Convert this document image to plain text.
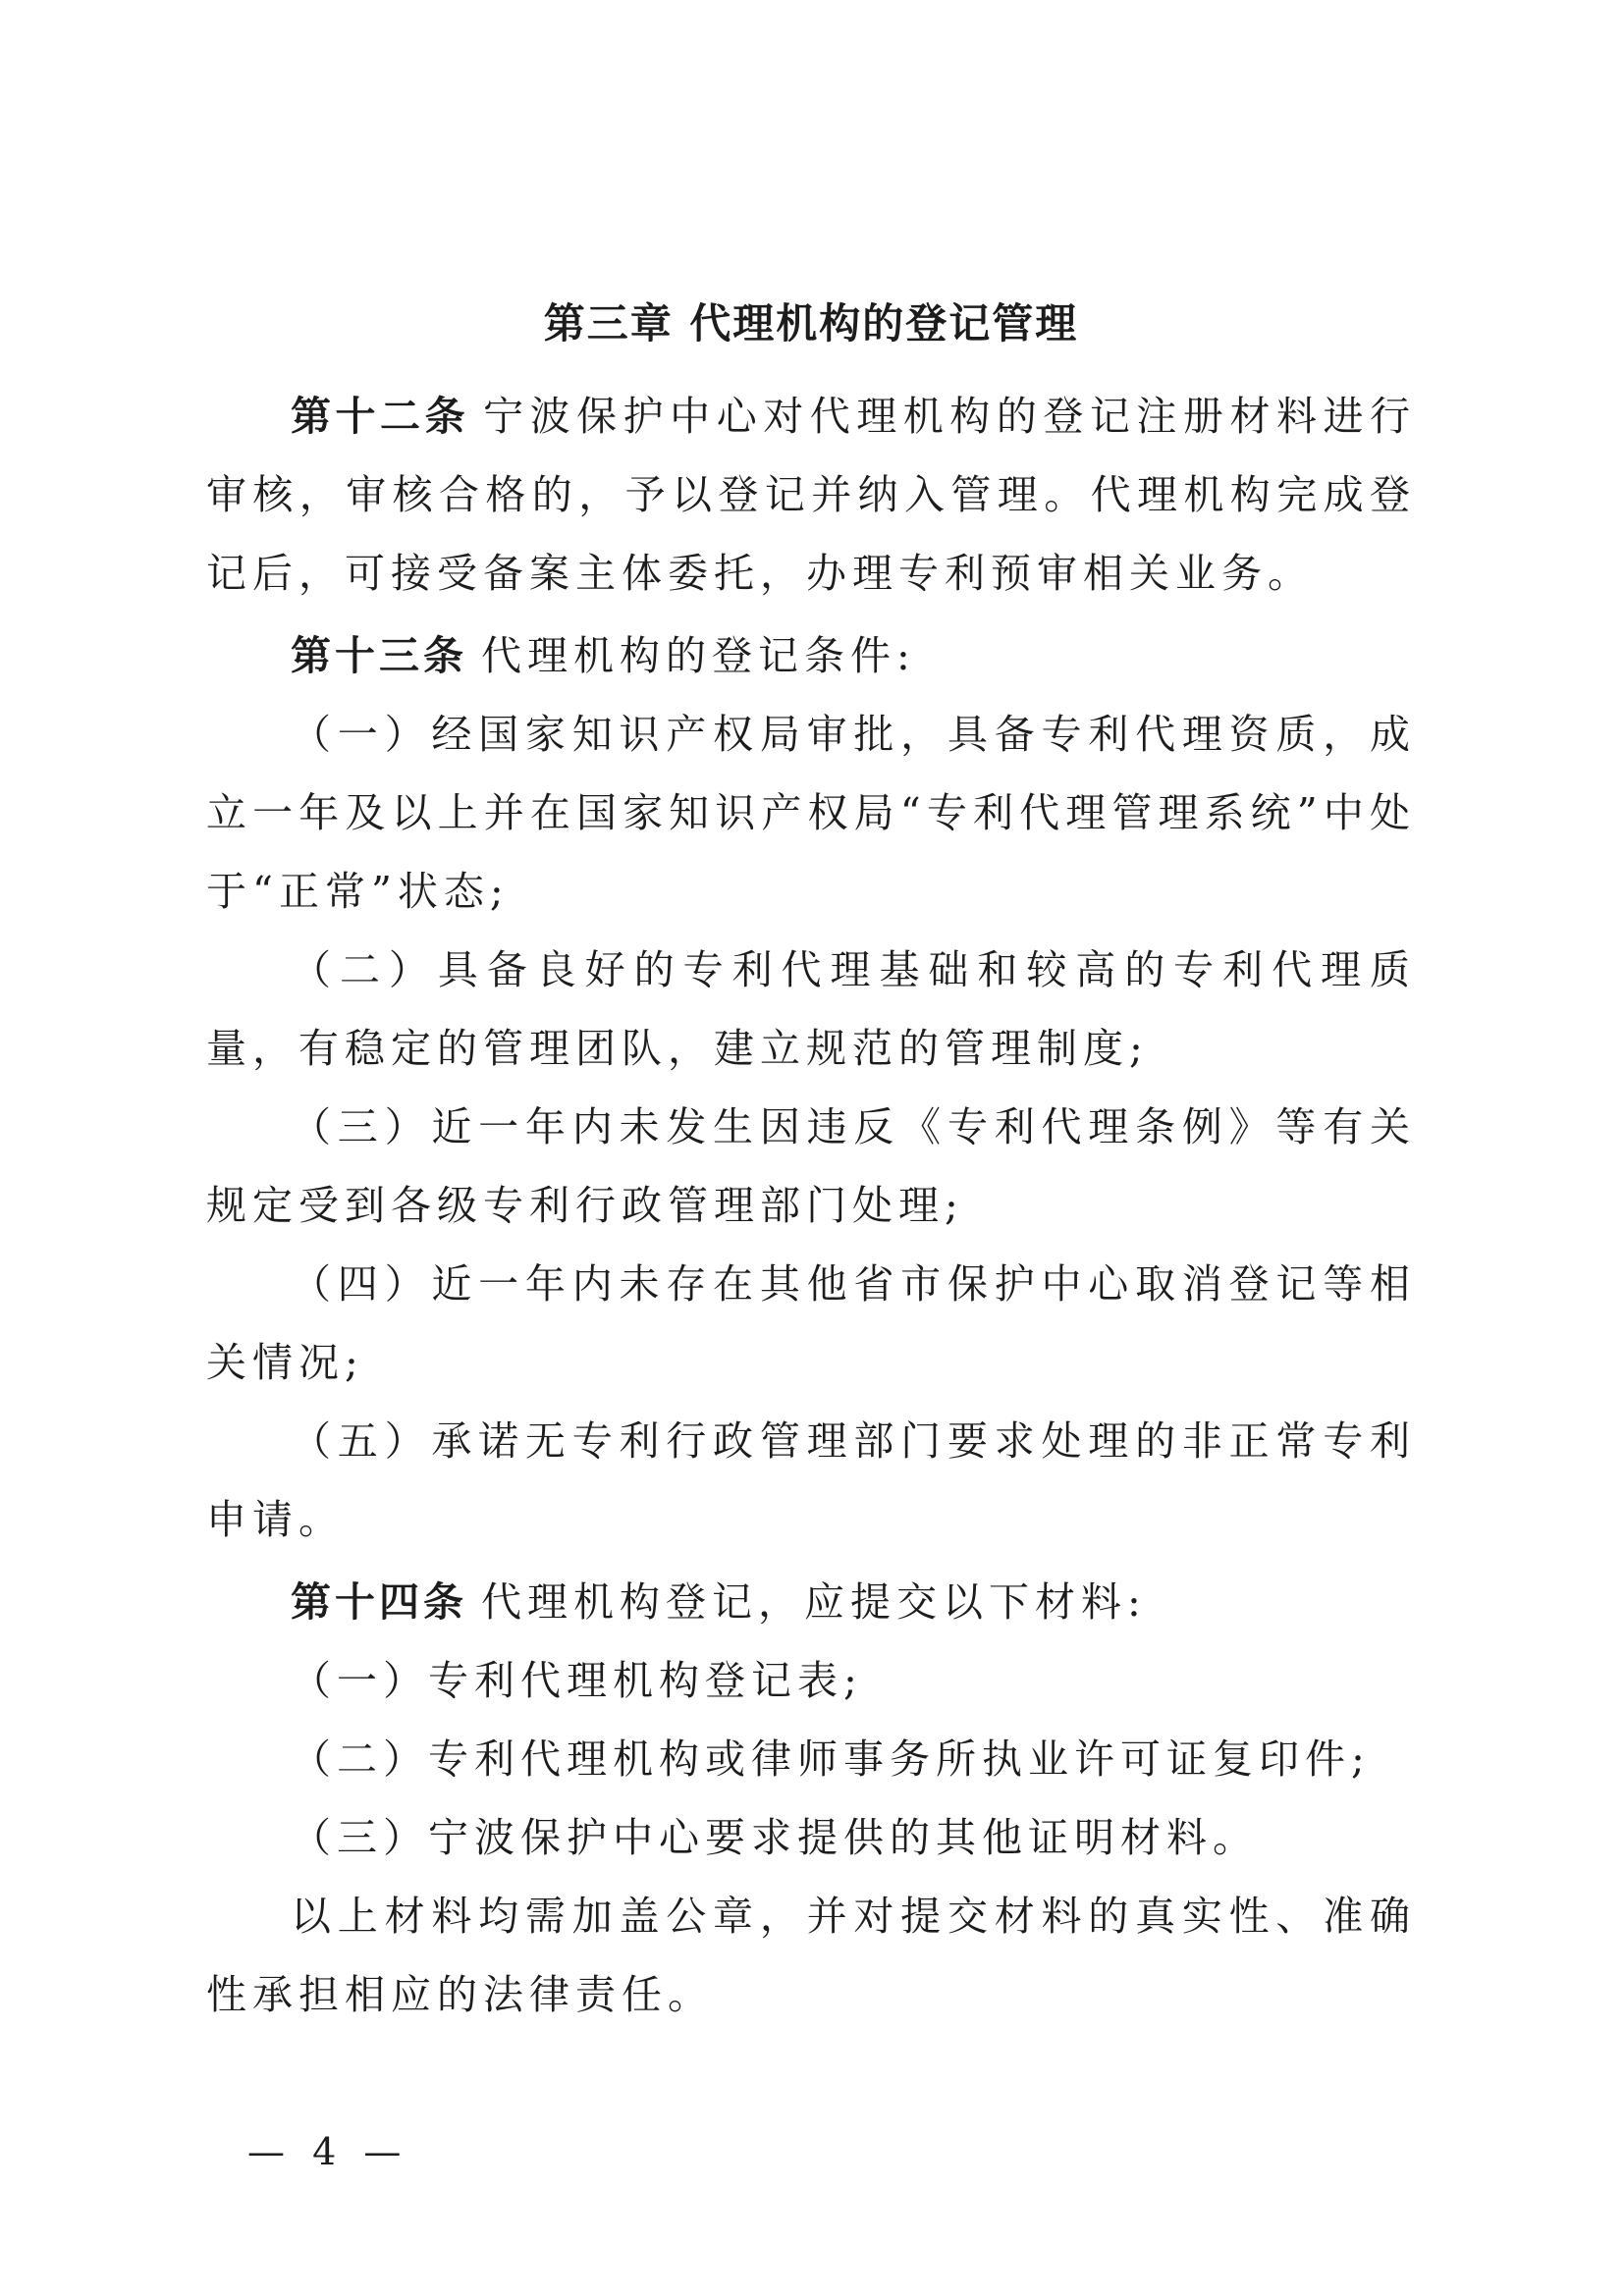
第三章 代理机构的登记管理

第十二条 宁波保护中心对代理机构的登记注册材料进行审核，审核合格的，予以登记并纳入管理。代理机构完成登记后，可接受备案主体委托，办理专利预审相关业务。

第十三条 代理机构的登记条件:

（一）经国家知识产权局审批，具备专利代理资质，成立一年及以上并在国家知识产权局“专利代理管理系统”中处于“正常”状态;

（二）具备良好的专利代理基础和较高的专利代理质量，有稳定的管理团队，建立规范的管理制度;

（三）近一年内未发生因违反《专利代理条例》等有关规定受到各级专利行政管理部门处理;

（四）近一年内未存在其他省市保护中心取消登记等相关情况;

（五）承诺无专利行政管理部门要求处理的非正常专利申请。

第十四条 代理机构登记，应提交以下材料:

（一）专利代理机构登记表;

（二）专利代理机构或律师事务所执业许可证复印件;

（三）宁波保护中心要求提供的其他证明材料。

以上材料均需加盖公章，并对提交材料的真实性、准确性承担相应的法律责任。

— 4 —
